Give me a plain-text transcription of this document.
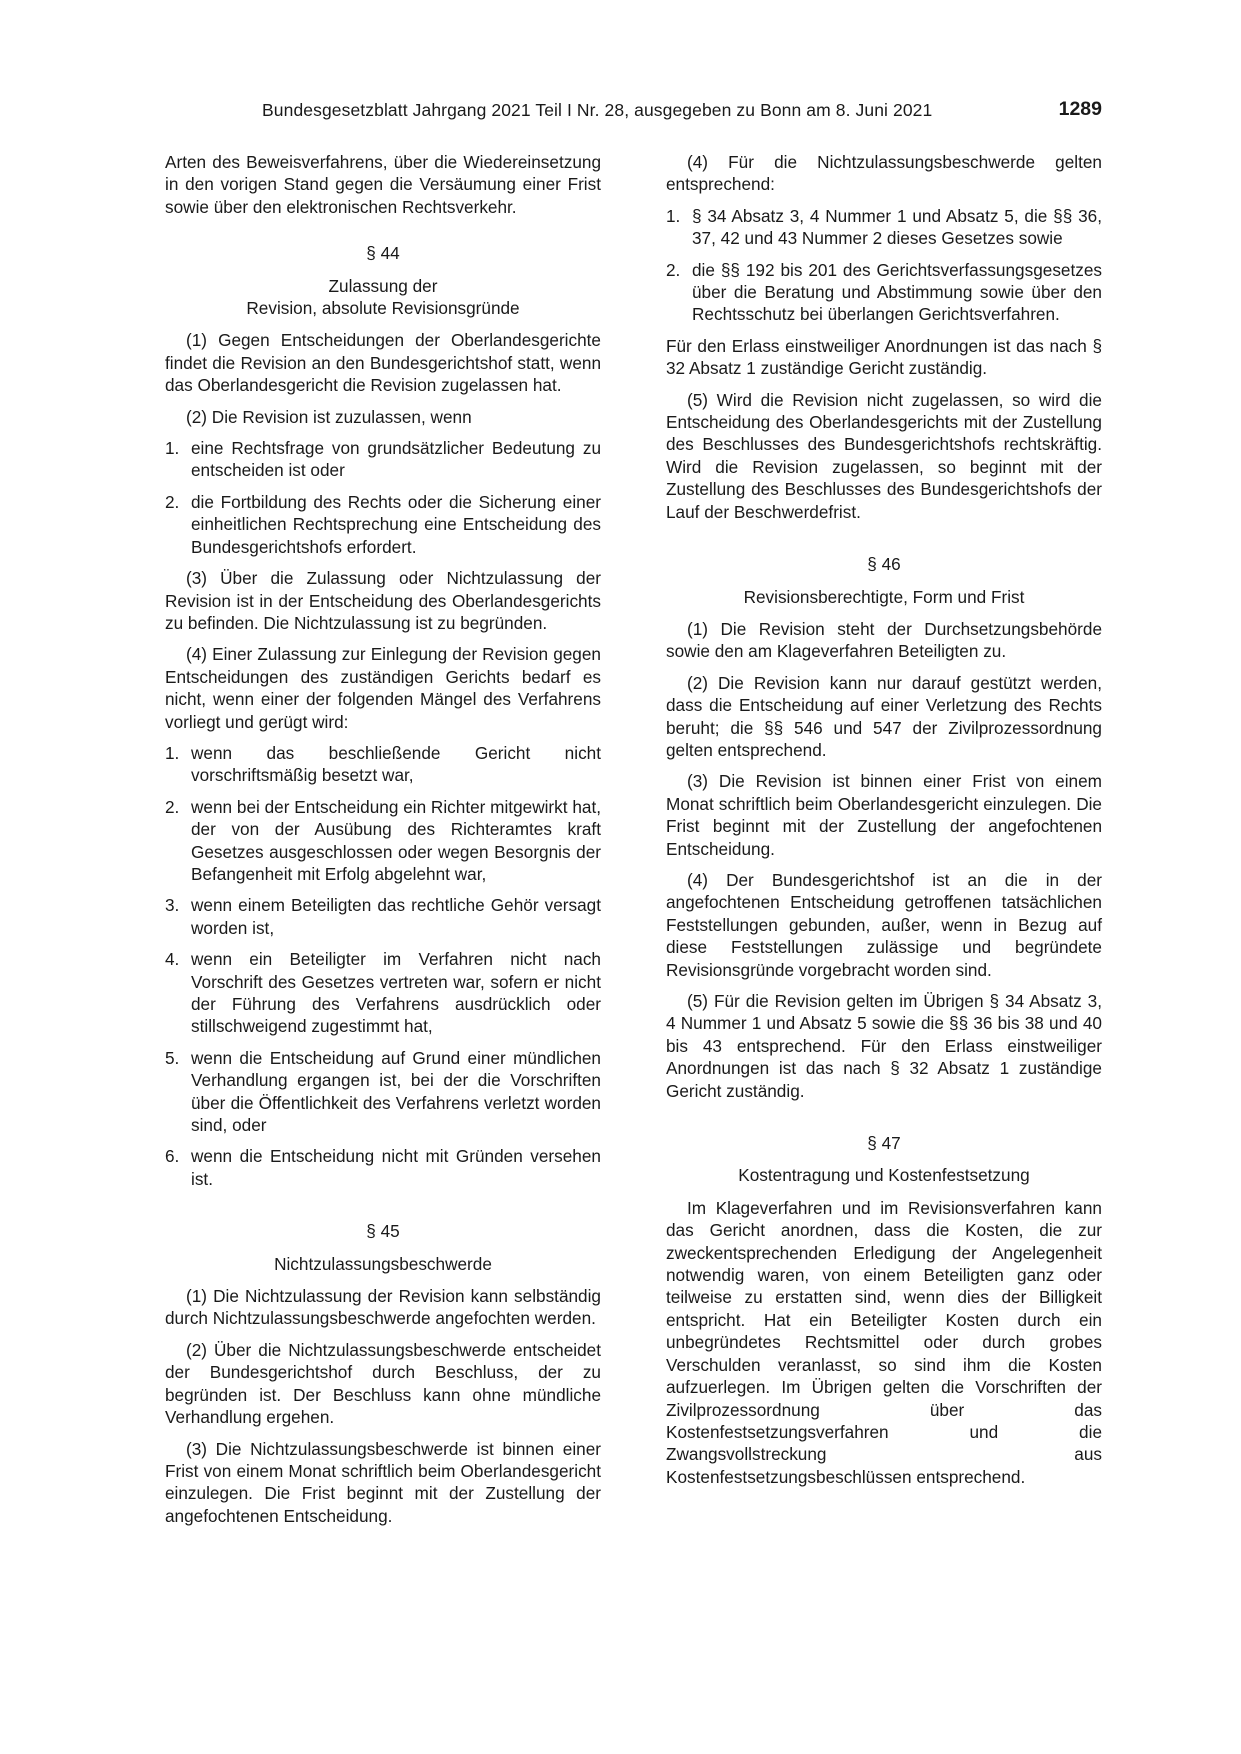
Bundesgesetzblatt Jahrgang 2021 Teil I Nr. 28, ausgegeben zu Bonn am 8. Juni 2021	1289

Arten des Beweisverfahrens, über die Wiedereinsetzung in den vorigen Stand gegen die Versäumung einer Frist sowie über den elektronischen Rechtsverkehr.

§ 44
Zulassung der
Revision, absolute Revisionsgründe

(1) Gegen Entscheidungen der Oberlandesgerichte findet die Revision an den Bundesgerichtshof statt, wenn das Oberlandesgericht die Revision zugelassen hat.

(2) Die Revision ist zuzulassen, wenn

1. eine Rechtsfrage von grundsätzlicher Bedeutung zu entscheiden ist oder
2. die Fortbildung des Rechts oder die Sicherung einer einheitlichen Rechtsprechung eine Entscheidung des Bundesgerichtshofs erfordert.

(3) Über die Zulassung oder Nichtzulassung der Revision ist in der Entscheidung des Oberlandesgerichts zu befinden. Die Nichtzulassung ist zu begründen.

(4) Einer Zulassung zur Einlegung der Revision gegen Entscheidungen des zuständigen Gerichts bedarf es nicht, wenn einer der folgenden Mängel des Verfahrens vorliegt und gerügt wird:

1. wenn das beschließende Gericht nicht vorschriftsmäßig besetzt war,
2. wenn bei der Entscheidung ein Richter mitgewirkt hat, der von der Ausübung des Richteramtes kraft Gesetzes ausgeschlossen oder wegen Besorgnis der Befangenheit mit Erfolg abgelehnt war,
3. wenn einem Beteiligten das rechtliche Gehör versagt worden ist,
4. wenn ein Beteiligter im Verfahren nicht nach Vorschrift des Gesetzes vertreten war, sofern er nicht der Führung des Verfahrens ausdrücklich oder stillschweigend zugestimmt hat,
5. wenn die Entscheidung auf Grund einer mündlichen Verhandlung ergangen ist, bei der die Vorschriften über die Öffentlichkeit des Verfahrens verletzt worden sind, oder
6. wenn die Entscheidung nicht mit Gründen versehen ist.
§ 45
Nichtzulassungsbeschwerde

(1) Die Nichtzulassung der Revision kann selbständig durch Nichtzulassungsbeschwerde angefochten werden.

(2) Über die Nichtzulassungsbeschwerde entscheidet der Bundesgerichtshof durch Beschluss, der zu begründen ist. Der Beschluss kann ohne mündliche Verhandlung ergehen.

(3) Die Nichtzulassungsbeschwerde ist binnen einer Frist von einem Monat schriftlich beim Oberlandesgericht einzulegen. Die Frist beginnt mit der Zustellung der angefochtenen Entscheidung.

(4) Für die Nichtzulassungsbeschwerde gelten entsprechend:

1. § 34 Absatz 3, 4 Nummer 1 und Absatz 5, die §§ 36, 37, 42 und 43 Nummer 2 dieses Gesetzes sowie
2. die §§ 192 bis 201 des Gerichtsverfassungsgesetzes über die Beratung und Abstimmung sowie über den Rechtsschutz bei überlangen Gerichtsverfahren.

Für den Erlass einstweiliger Anordnungen ist das nach § 32 Absatz 1 zuständige Gericht zuständig.

(5) Wird die Revision nicht zugelassen, so wird die Entscheidung des Oberlandesgerichts mit der Zustellung des Beschlusses des Bundesgerichtshofs rechtskräftig. Wird die Revision zugelassen, so beginnt mit der Zustellung des Beschlusses des Bundesgerichtshofs der Lauf der Beschwerdefrist.

§ 46
Revisionsberechtigte, Form und Frist

(1) Die Revision steht der Durchsetzungsbehörde sowie den am Klageverfahren Beteiligten zu.

(2) Die Revision kann nur darauf gestützt werden, dass die Entscheidung auf einer Verletzung des Rechts beruht; die §§ 546 und 547 der Zivilprozessordnung gelten entsprechend.

(3) Die Revision ist binnen einer Frist von einem Monat schriftlich beim Oberlandesgericht einzulegen. Die Frist beginnt mit der Zustellung der angefochtenen Entscheidung.

(4) Der Bundesgerichtshof ist an die in der angefochtenen Entscheidung getroffenen tatsächlichen Feststellungen gebunden, außer, wenn in Bezug auf diese Feststellungen zulässige und begründete Revisionsgründe vorgebracht worden sind.

(5) Für die Revision gelten im Übrigen § 34 Absatz 3, 4 Nummer 1 und Absatz 5 sowie die §§ 36 bis 38 und 40 bis 43 entsprechend. Für den Erlass einstweiliger Anordnungen ist das nach § 32 Absatz 1 zuständige Gericht zuständig.

§ 47
Kostentragung und Kostenfestsetzung

Im Klageverfahren und im Revisionsverfahren kann das Gericht anordnen, dass die Kosten, die zur zweckentsprechenden Erledigung der Angelegenheit notwendig waren, von einem Beteiligten ganz oder teilweise zu erstatten sind, wenn dies der Billigkeit entspricht. Hat ein Beteiligter Kosten durch ein unbegründetes Rechtsmittel oder durch grobes Verschulden veranlasst, so sind ihm die Kosten aufzuerlegen. Im Übrigen gelten die Vorschriften der Zivilprozessordnung über das Kostenfestsetzungsverfahren und die Zwangsvollstreckung aus Kostenfestsetzungsbeschlüssen entsprechend.
